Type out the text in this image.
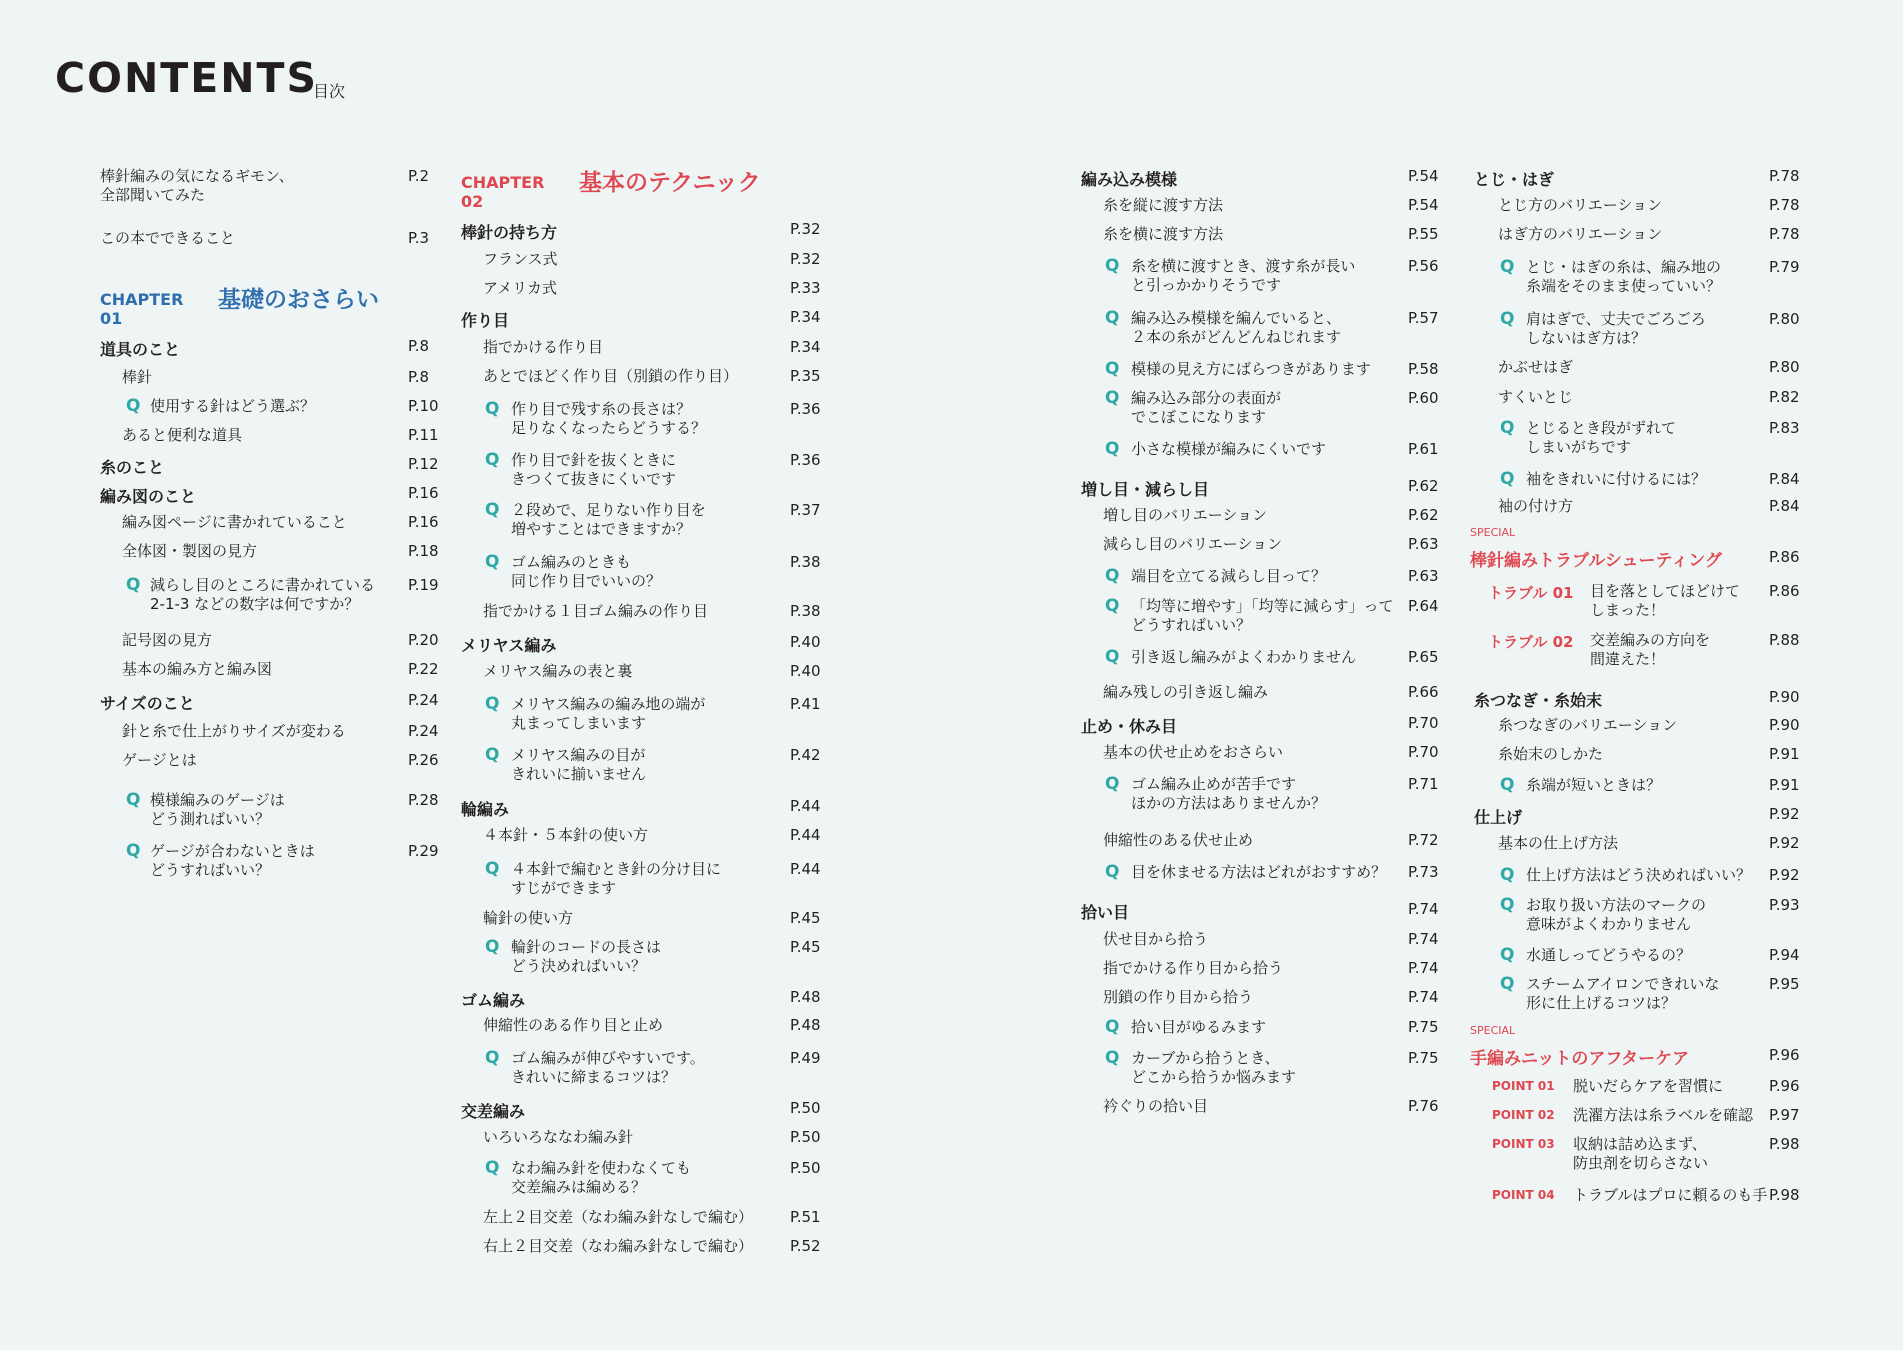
CONTENTS
目次
棒針編みの気になるギモン、
全部聞いてみた
P.2
この本でできること	P.3
CHAPTER 01
基礎のおさらい
道具のこと	P.8
棒針	P.8
Q 使用する針はどう選ぶ？	P.10
あると便利な道具	P.11
糸のこと	P.12
編み図のこと	P.16
編み図ページに書かれていること	P.16
全体図・製図の見方	P.18
Q 減らし目のところに書かれている
2-1-3 などの数字は何ですか？
P.19
記号図の見方	P.20
基本の編み方と編み図	P.22
サイズのこと	P.24
針と糸で仕上がりサイズが変わる	P.24
ゲージとは	P.26
Q 模様編みのゲージは
どう測ればいい？
P.28
Q ゲージが合わないときは
どうすればいい？
P.29
CHAPTER 02
基本のテクニック
棒針の持ち方	P.32
フランス式	P.32
アメリカ式	P.33
作り目	P.34
指でかける作り目	P.34
あとでほどく作り目（別鎖の作り目）	P.35
Q 作り目で残す糸の長さは？
足りなくなったらどうする？
P.36
Q 作り目で針を抜くときに
きつくて抜きにくいです
P.36
Q ２段めで、足りない作り目を
増やすことはできますか？
P.37
Q ゴム編みのときも
同じ作り目でいいの？
P.38
指でかける１目ゴム編みの作り目	P.38
メリヤス編み	P.40
メリヤス編みの表と裏	P.40
Q メリヤス編みの編み地の端が
丸まってしまいます
P.41
Q メリヤス編みの目が
きれいに揃いません
P.42
輪編み	P.44
４本針・５本針の使い方	P.44
Q ４本針で編むとき針の分け目に
すじができます
P.44
輪針の使い方	P.45
Q 輪針のコードの長さは
どう決めればいい？
P.45
ゴム編み	P.48
伸縮性のある作り目と止め	P.48
Q ゴム編みが伸びやすいです。
きれいに締まるコツは？
P.49
交差編み	P.50
いろいろななわ編み針	P.50
Q なわ編み針を使わなくても
交差編みは編める？
P.50
左上２目交差（なわ編み針なしで編む） P.51
右上２目交差（なわ編み針なしで編む） P.52
編み込み模様	P.54
糸を縦に渡す方法	P.54
糸を横に渡す方法	P.55
Q 糸を横に渡すとき、渡す糸が長い
と引っかかりそうです
P.56
Q 編み込み模様を編んでいると、
２本の糸がどんどんねじれます
P.57
Q 模様の見え方にばらつきがあります P.58
Q 編み込み部分の表面が
でこぼこになります
P.60
Q 小さな模様が編みにくいです	P.61
増し目・減らし目	P.62
増し目のバリエーション	P.62
減らし目のバリエーション	P.63
Q 端目を立てる減らし目って？	P.63
Q 「均等に増やす」「均等に減らす」って
どうすればいい？
P.64
Q 引き返し編みがよくわかりません	P.65
編み残しの引き返し編み	P.66
止め・休み目	P.70
基本の伏せ止めをおさらい	P.70
Q ゴム編み止めが苦手です
ほかの方法はありませんか？
P.71
伸縮性のある伏せ止め	P.72
Q 目を休ませる方法はどれがおすすめ？ P.73
拾い目	P.74
伏せ目から拾う	P.74
指でかける作り目から拾う	P.74
別鎖の作り目から拾う	P.74
Q 拾い目がゆるみます	P.75
Q カーブから拾うとき、
どこから拾うか悩みます
P.75
衿ぐりの拾い目	P.76
とじ・はぎ	P.78
とじ方のバリエーション	P.78
はぎ方のバリエーション	P.78
Q とじ・はぎの糸は、編み地の
糸端をそのまま使っていい？
P.79
Q 肩はぎで、丈夫でごろごろ
しないはぎ方は？
P.80
かぶせはぎ	P.80
すくいとじ	P.82
Q とじるとき段がずれて
しまいがちです
P.83
Q 袖をきれいに付けるには？	P.84
袖の付け方	P.84
糸つなぎ・糸始末	P.90
糸つなぎのバリエーション	P.90
糸始末のしかた	P.91
Q 糸端が短いときは？	P.91
仕上げ	P.92
基本の仕上げ方法	P.92
Q 仕上げ方法はどう決めればいい？ P.92
Q お取り扱い方法のマークの
意味がよくわかりません
P.93
Q 水通しってどうやるの？	P.94
Q スチームアイロンできれいな
形に仕上げるコツは？
P.95
SPECIAL
棒針編みトラブルシューティング	P.86
トラブル 01 目を落としてほどけて
しまった！
P.86
トラブル 02 交差編みの方向を
間違えた！
P.88
SPECIAL
手編みニットのアフターケア	P.96
POINT 01 脱いだらケアを習慣に	P.96
POINT 02 洗濯方法は糸ラベルを確認 P.97
POINT 03 収納は詰め込まず、
防虫剤を切らさない
P.98
POINT 04 トラブルはプロに頼るのも手 P.98
